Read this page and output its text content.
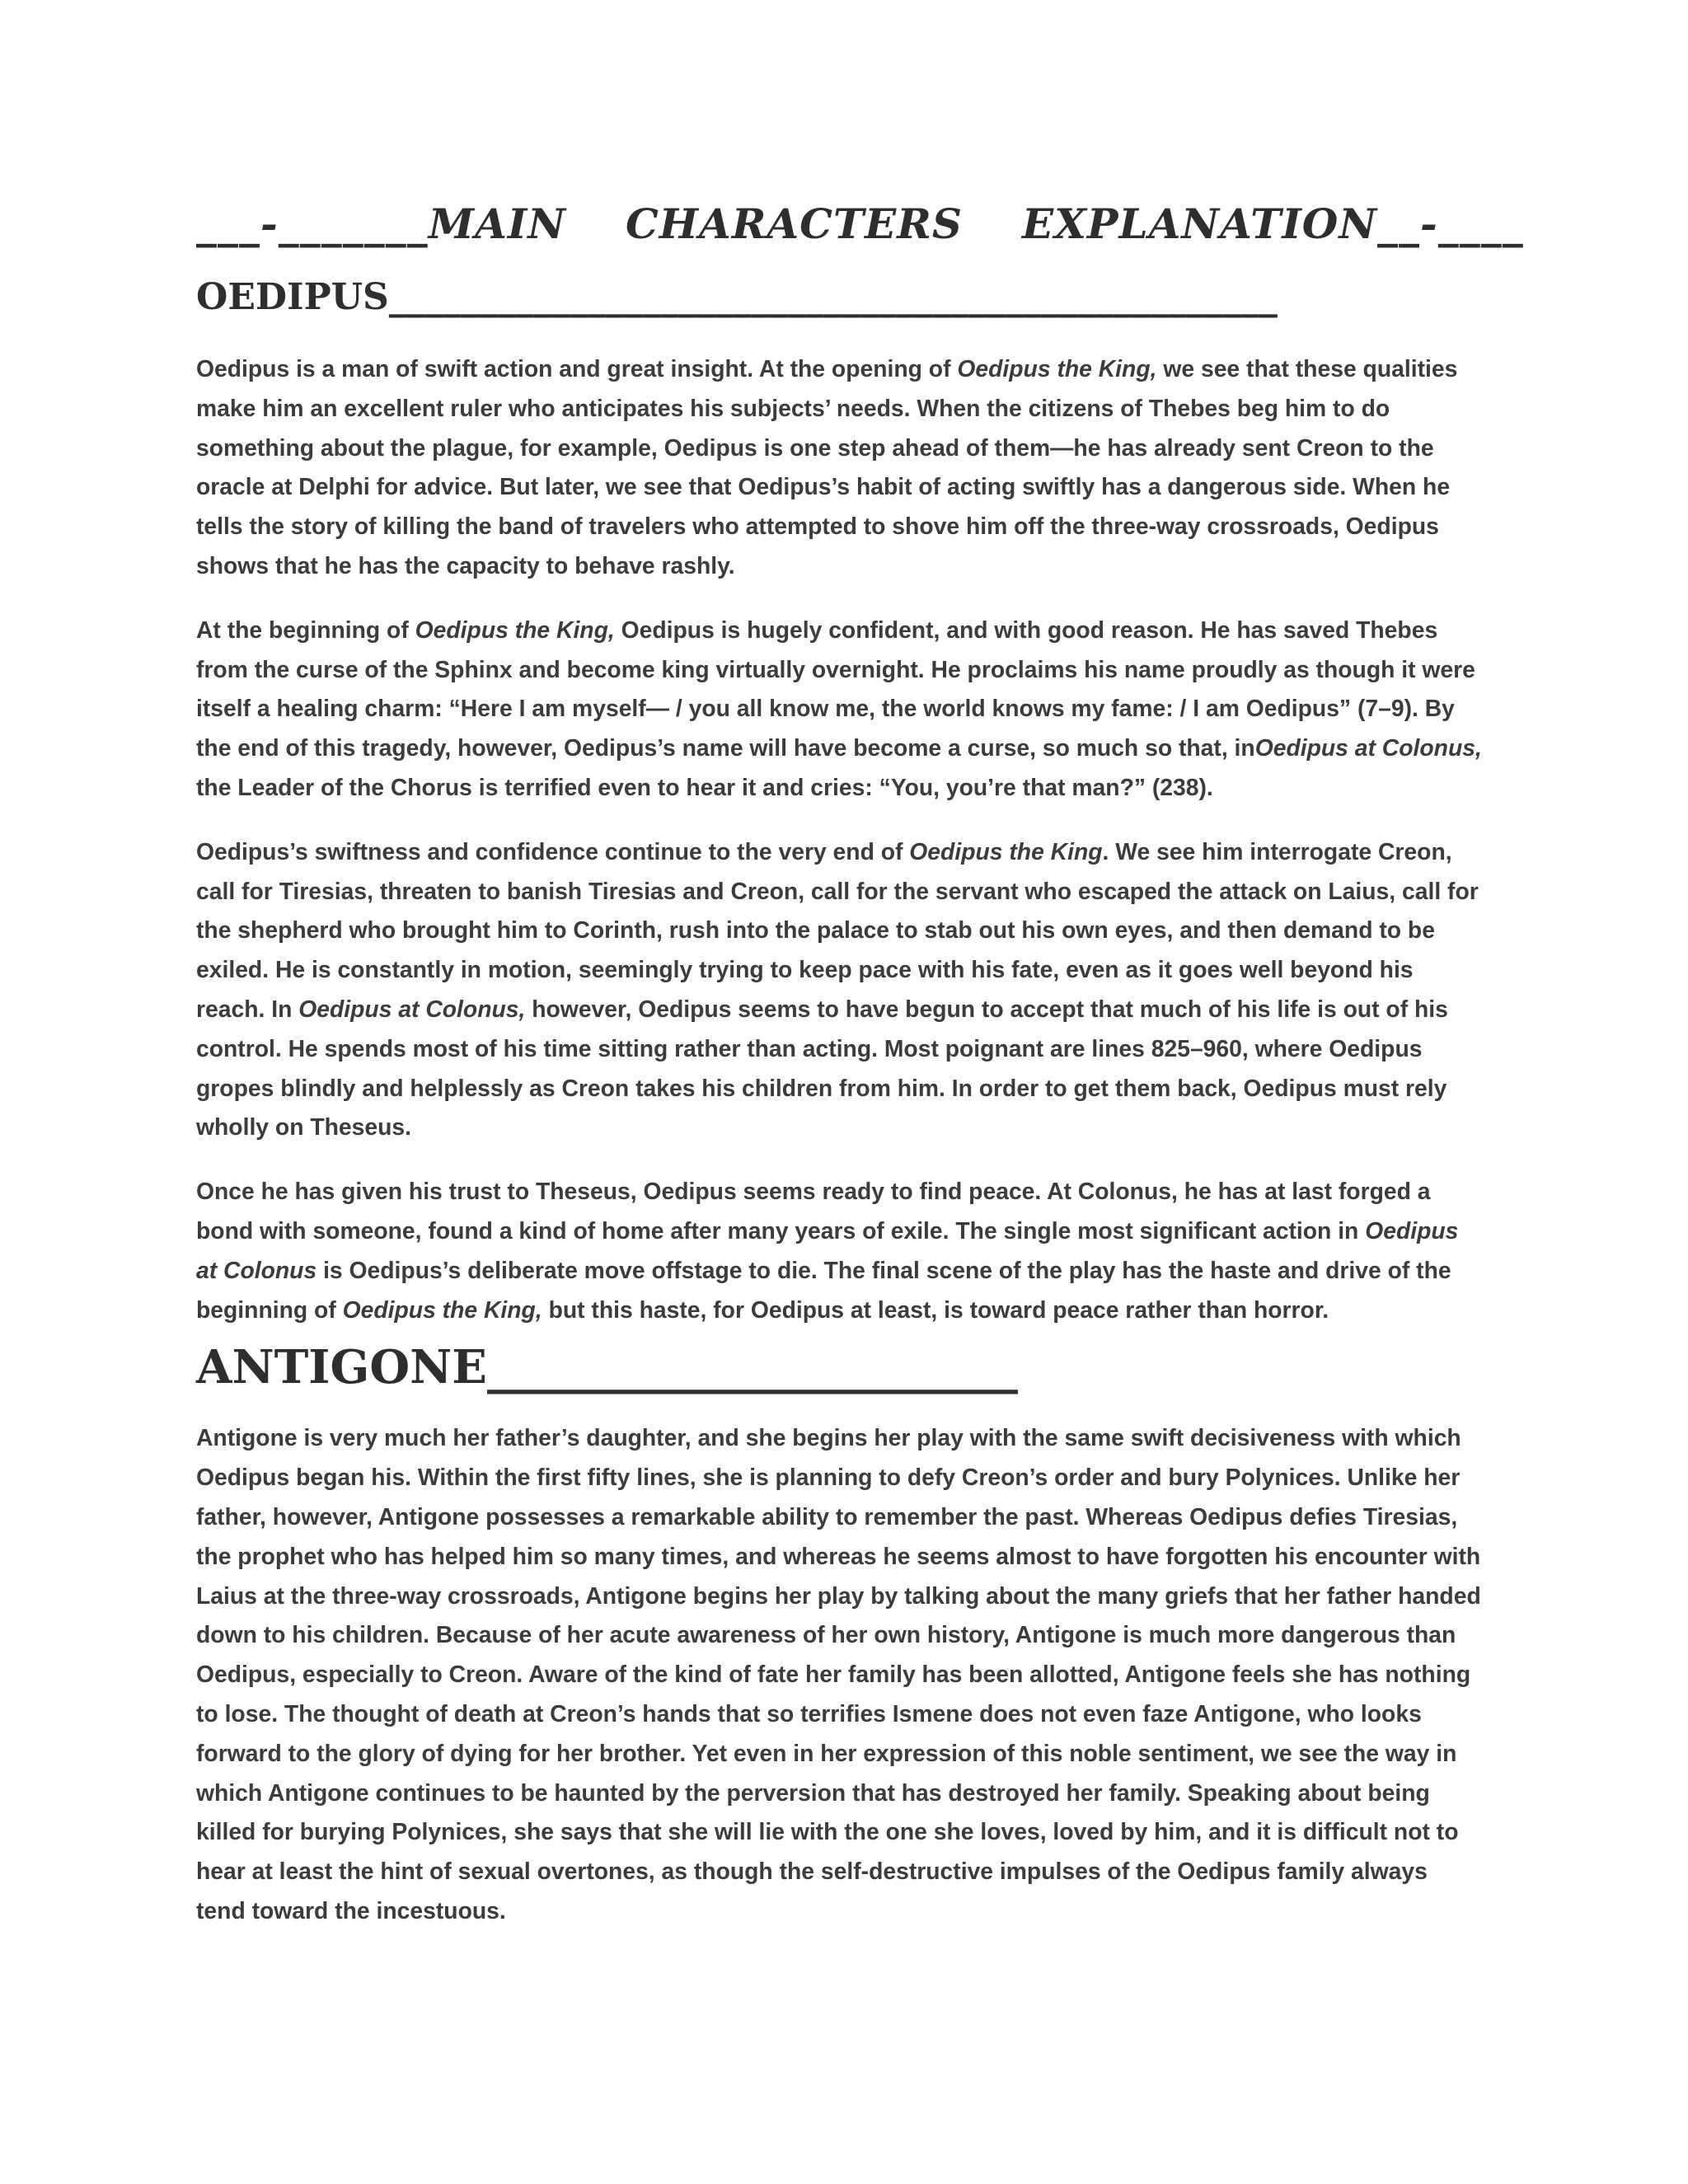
___-_______MAIN CHARACTERS EXPLANATION__-____
OEDIPUS_________________________________________________

Oedipus is a man of swift action and great insight. At the opening of Oedipus the King, we see that these qualities make him an excellent ruler who anticipates his subjects’ needs. When the citizens of Thebes beg him to do something about the plague, for example, Oedipus is one step ahead of them—he has already sent Creon to the oracle at Delphi for advice. But later, we see that Oedipus’s habit of acting swiftly has a dangerous side. When he tells the story of killing the band of travelers who attempted to shove him off the three-way crossroads, Oedipus shows that he has the capacity to behave rashly.

At the beginning of Oedipus the King, Oedipus is hugely confident, and with good reason. He has saved Thebes from the curse of the Sphinx and become king virtually overnight. He proclaims his name proudly as though it were itself a healing charm: “Here I am myself— / you all know me, the world knows my fame: / I am Oedipus” (7–9). By the end of this tragedy, however, Oedipus’s name will have become a curse, so much so that, inOedipus at Colonus, the Leader of the Chorus is terrified even to hear it and cries: “You, you’re that man?” (238).

Oedipus’s swiftness and confidence continue to the very end of Oedipus the King. We see him interrogate Creon, call for Tiresias, threaten to banish Tiresias and Creon, call for the servant who escaped the attack on Laius, call for the shepherd who brought him to Corinth, rush into the palace to stab out his own eyes, and then demand to be exiled. He is constantly in motion, seemingly trying to keep pace with his fate, even as it goes well beyond his reach. In Oedipus at Colonus, however, Oedipus seems to have begun to accept that much of his life is out of his control. He spends most of his time sitting rather than acting. Most poignant are lines 825–960, where Oedipus gropes blindly and helplessly as Creon takes his children from him. In order to get them back, Oedipus must rely wholly on Theseus.

Once he has given his trust to Theseus, Oedipus seems ready to find peace. At Colonus, he has at last forged a bond with someone, found a kind of home after many years of exile. The single most significant action in Oedipus at Colonus is Oedipus’s deliberate move offstage to die. The final scene of the play has the haste and drive of the beginning of Oedipus the King, but this haste, for Oedipus at least, is toward peace rather than horror.

ANTIGONE_______________________

Antigone is very much her father’s daughter, and she begins her play with the same swift decisiveness with which Oedipus began his. Within the first fifty lines, she is planning to defy Creon’s order and bury Polynices. Unlike her father, however, Antigone possesses a remarkable ability to remember the past. Whereas Oedipus defies Tiresias, the prophet who has helped him so many times, and whereas he seems almost to have forgotten his encounter with Laius at the three-way crossroads, Antigone begins her play by talking about the many griefs that her father handed down to his children. Because of her acute awareness of her own history, Antigone is much more dangerous than Oedipus, especially to Creon. Aware of the kind of fate her family has been allotted, Antigone feels she has nothing to lose. The thought of death at Creon’s hands that so terrifies Ismene does not even faze Antigone, who looks forward to the glory of dying for her brother. Yet even in her expression of this noble sentiment, we see the way in which Antigone continues to be haunted by the perversion that has destroyed her family. Speaking about being killed for burying Polynices, she says that she will lie with the one she loves, loved by him, and it is difficult not to hear at least the hint of sexual overtones, as though the self-destructive impulses of the Oedipus family always tend toward the incestuous.
